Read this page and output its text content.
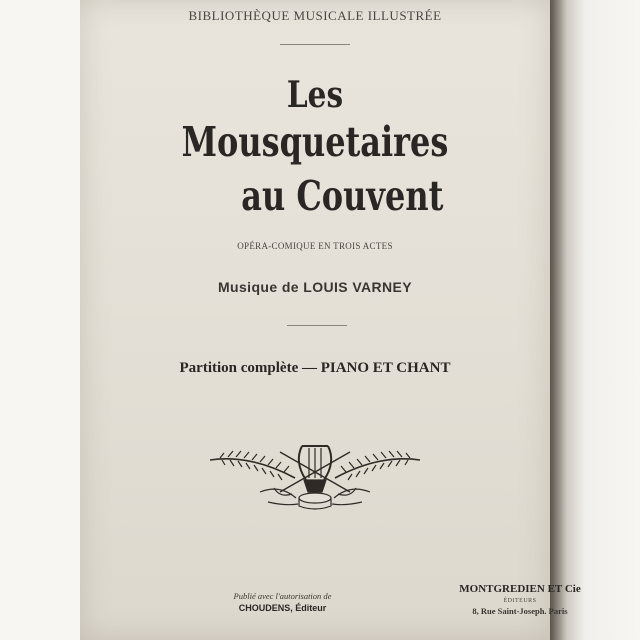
BIBLIOTHÈQUE MUSICALE ILLUSTRÉE
Les
Mousquetaires
au Couvent
OPÉRA-COMIQUE EN TROIS ACTES
Musique de LOUIS VARNEY
Partition complète — PIANO ET CHANT
Publié avec l'autorisation de
CHOUDENS, Éditeur
MONTGREDIEN ET Cie
ÉDITEURS
8, Rue Saint-Joseph. Paris
